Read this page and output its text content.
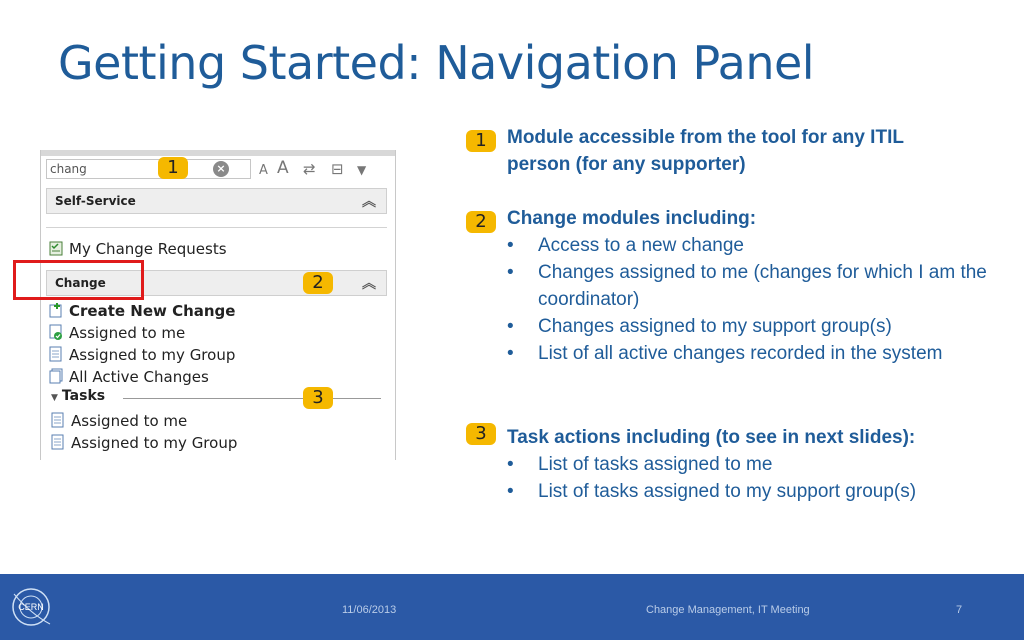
Getting Started: Navigation Panel
chang
×	A A ⇄ ⊟ ▼
Self-Service	︽
My Change Requests
Change	︽
Create New Change
Assigned to me
Assigned to my Group
All Active Changes
▼ Tasks
Assigned to me
Assigned to my Group
1
2
3
1	Module accessible from the tool for any ITIL
person (for any supporter)
2	Change modules including:
• Access to a new change
• Changes assigned to me (changes for which I am the coordinator)
• Changes assigned to my support group(s)
• List of all active changes recorded in the system
3	Task actions including (to see in next slides):
• List of tasks assigned to me
• List of tasks assigned to my support group(s)
CERN	11/06/2013	Change Management, IT Meeting	7
